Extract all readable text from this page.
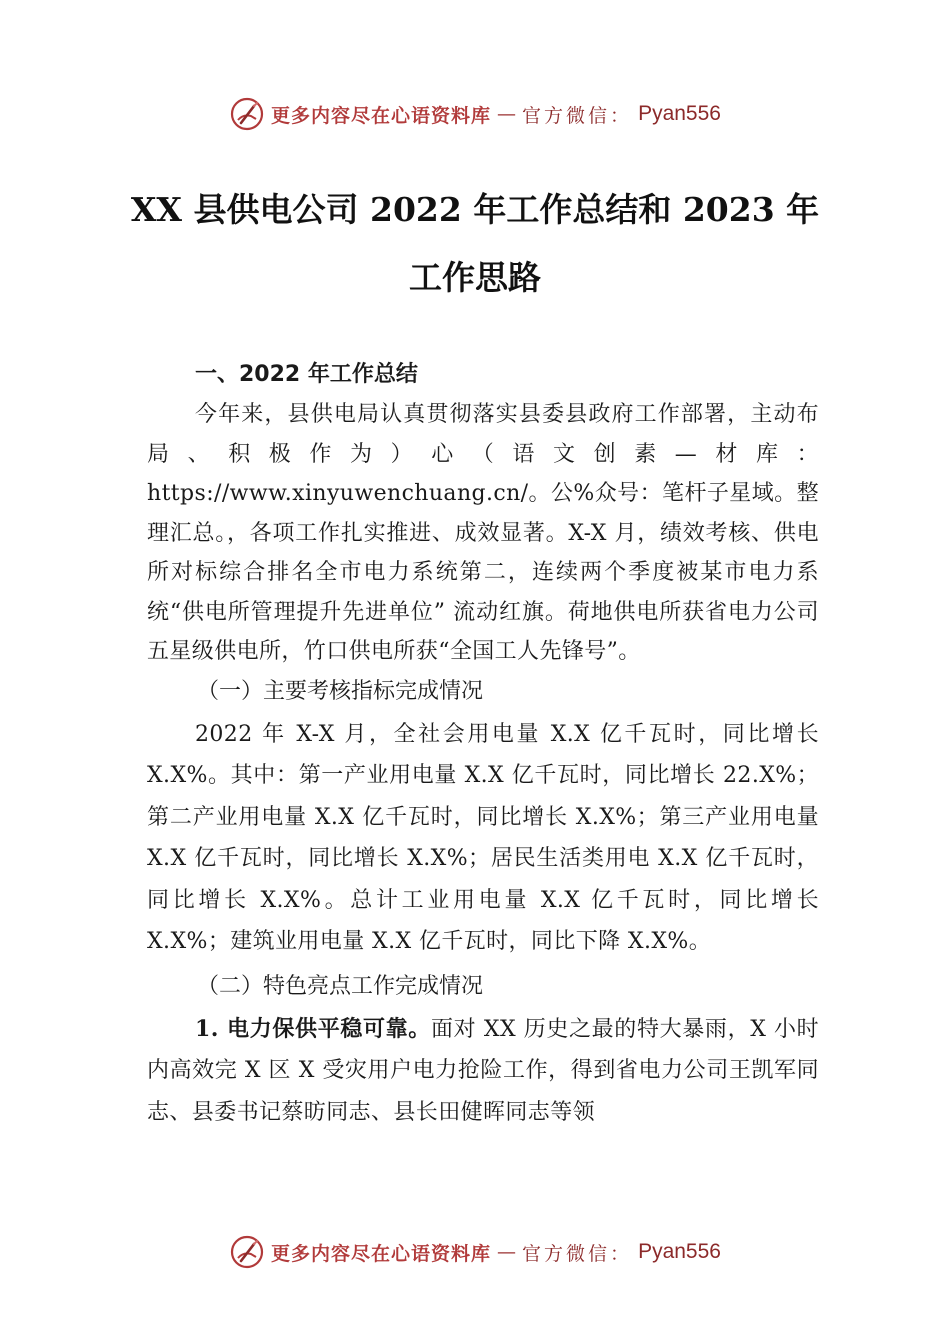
更多内容尽在心语资料库 — 官方微信： Pyan556
XX 县供电公司 2022 年工作总结和 2023 年
工作思路

一、2022 年工作总结

今年来，县供电局认真贯彻落实县委县政府工作部署，主动布局、积极作为）心（语文创素—材库：https://www.xinyuwenchuang.cn/。公%众号：笔杆子星域。整理汇总。，各项工作扎实推进、成效显著。X-X 月，绩效考核、供电所对标综合排名全市电力系统第二，连续两个季度被某市电力系统“供电所管理提升先进单位” 流动红旗。荷地供电所获省电力公司五星级供电所，竹口供电所获“全国工人先锋号”。

（一）主要考核指标完成情况

2022 年 X-X 月，全社会用电量 X.X 亿千瓦时，同比增长 X.X%。其中：第一产业用电量 X.X 亿千瓦时，同比增长 22.X%；第二产业用电量 X.X 亿千瓦时，同比增长 X.X%；第三产业用电量 X.X 亿千瓦时，同比增长 X.X%；居民生活类用电 X.X 亿千瓦时，同比增长 X.X%。总计工业用电量 X.X 亿千瓦时，同比增长 X.X%；建筑业用电量 X.X 亿千瓦时，同比下降 X.X%。

（二）特色亮点工作完成情况

1. 电力保供平稳可靠。面对 XX 历史之最的特大暴雨，X 小时内高效完 X 区 X 受灾用户电力抢险工作，得到省电力公司王凯军同志、县委书记蔡昉同志、县长田健晖同志等领

更多内容尽在心语资料库 — 官方微信： Pyan556
